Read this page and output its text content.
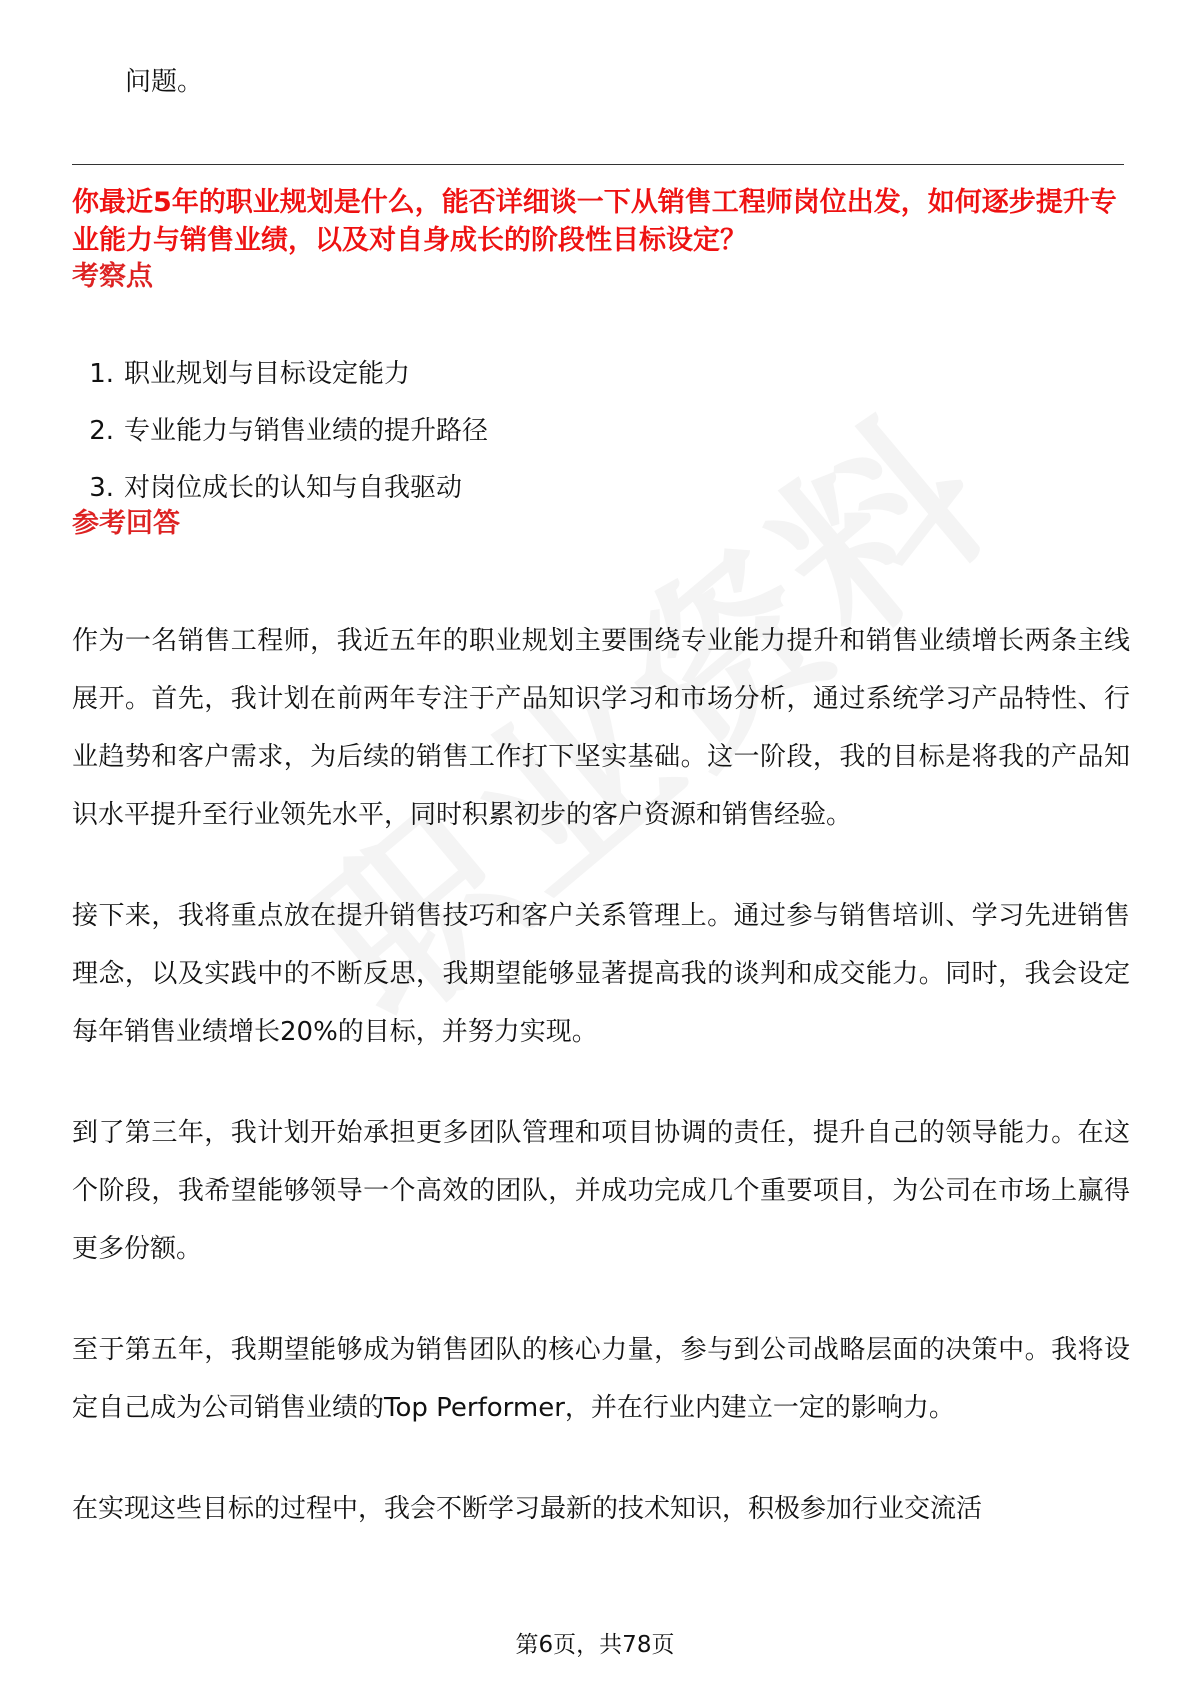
问题。
你最近5年的职业规划是什么，能否详细谈一下从销售工程师岗位出发，如何逐步提升专业能力与销售业绩，以及对自身成长的阶段性目标设定？
考察点
1. 职业规划与目标设定能力
2. 专业能力与销售业绩的提升路径
3. 对岗位成长的认知与自我驱动
参考回答

作为一名销售工程师，我近五年的职业规划主要围绕专业能力提升和销售业绩增长两条主线展开。首先，我计划在前两年专注于产品知识学习和市场分析，通过系统学习产品特性、行业趋势和客户需求，为后续的销售工作打下坚实基础。这一阶段，我的目标是将我的产品知识水平提升至行业领先水平，同时积累初步的客户资源和销售经验。

接下来，我将重点放在提升销售技巧和客户关系管理上。通过参与销售培训、学习先进销售理念，以及实践中的不断反思，我期望能够显著提高我的谈判和成交能力。同时，我会设定每年销售业绩增长20%的目标，并努力实现。

到了第三年，我计划开始承担更多团队管理和项目协调的责任，提升自己的领导能力。在这个阶段，我希望能够领导一个高效的团队，并成功完成几个重要项目，为公司在市场上赢得更多份额。

至于第五年，我期望能够成为销售团队的核心力量，参与到公司战略层面的决策中。我将设定自己成为公司销售业绩的Top Performer，并在行业内建立一定的影响力。

在实现这些目标的过程中，我会不断学习最新的技术知识，积极参加行业交流活

第6页，共78页
